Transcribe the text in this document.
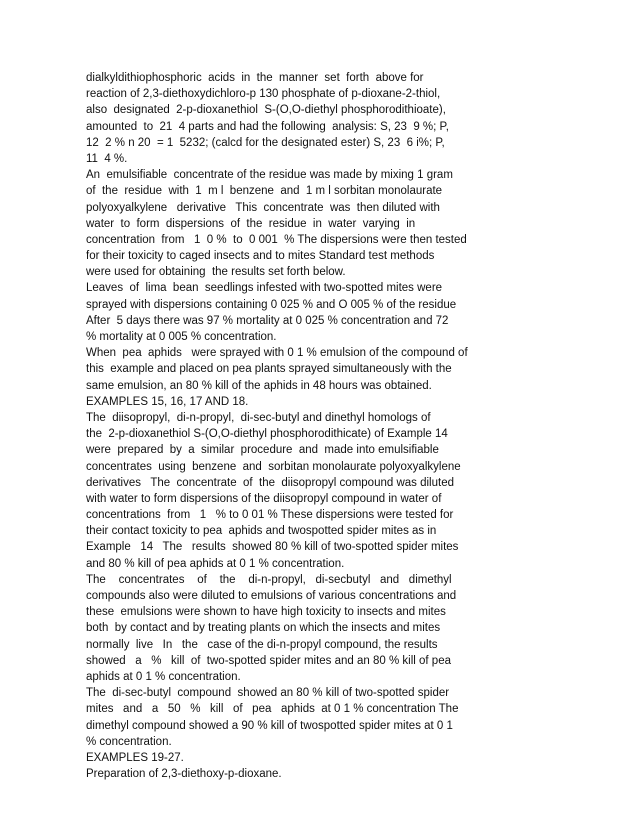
dialkyldithiophosphoric  acids  in  the  manner  set  forth  above for
reaction of 2,3-diethoxydichloro-p 130 phosphate of p-dioxane-2-thiol,
also  designated  2-p-dioxanethiol  S-(O,O-diethyl phosphorodithioate),
amounted  to  21  4 parts and had the following  analysis: S, 23  9 %; P,
12  2 % n 20  = 1  5232; (calcd for the designated ester) S, 23  6 i%; P,
11  4 %.
An  emulsifiable  concentrate of the residue was made by mixing 1 gram
of  the  residue  with  1  m l  benzene  and  1 m l sorbitan monolaurate
polyoxyalkylene   derivative   This  concentrate  was  then diluted with
water  to  form  dispersions  of  the  residue  in  water  varying  in
concentration  from   1  0 %  to  0 001  % The dispersions were then tested
for their toxicity to caged insects and to mites Standard test methods
were used for obtaining  the results set forth below.
Leaves  of  lima  bean  seedlings infested with two-spotted mites were
sprayed with dispersions containing 0 025 % and O 005 % of the residue
After  5 days there was 97 % mortality at 0 025 % concentration and 72
% mortality at 0 005 % concentration.
When  pea  aphids   were sprayed with 0 1 % emulsion of the compound of
this  example and placed on pea plants sprayed simultaneously with the
same emulsion, an 80 % kill of the aphids in 48 hours was obtained.
EXAMPLES 15, 16, 17 AND 18.
The  diisopropyl,  di-n-propyl,  di-sec-butyl and dinethyl homologs of
the  2-p-dioxanethiol S-(O,O-diethyl phosphorodithicate) of Example 14
were  prepared  by  a  similar  procedure  and  made into emulsifiable
concentrates  using  benzene  and  sorbitan monolaurate polyoxyalkylene
derivatives   The  concentrate  of  the  diisopropyl compound was diluted
with water to form dispersions of the diisopropyl compound in water of
concentrations  from   1   % to 0 01 % These dispersions were tested for
their contact toxicity to pea  aphids and twospotted spider mites as in
Example   14   The   results  showed 80 % kill of two-spotted spider mites
and 80 % kill of pea aphids at 0 1 % concentration.
The    concentrates    of    the    di-n-propyl,   di-secbutyl   and   dimethyl
compounds also were diluted to emulsions of various concentrations and
these  emulsions were shown to have high toxicity to insects and mites
both  by contact and by treating plants on which the insects and mites
normally  live   In   the   case of the di-n-propyl compound, the results
showed   a   %   kill  of  two-spotted spider mites and an 80 % kill of pea
aphids at 0 1 % concentration.
The  di-sec-butyl  compound  showed an 80 % kill of two-spotted spider
mites   and   a   50   %   kill   of   pea   aphids  at 0 1 % concentration The
dimethyl compound showed a 90 % kill of twospotted spider mites at 0 1
% concentration.
EXAMPLES 19-27.
Preparation of 2,3-diethoxy-p-dioxane.
